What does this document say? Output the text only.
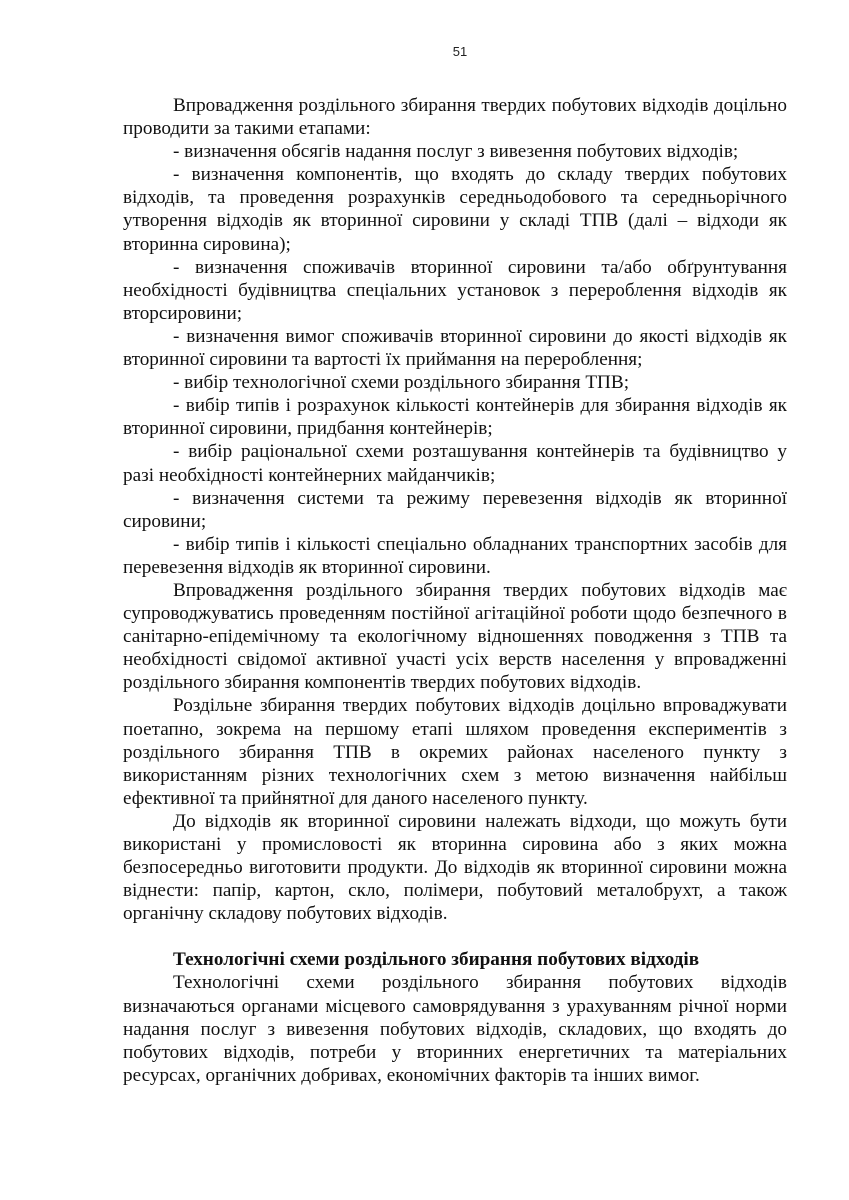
51

Впровадження роздільного збирання твердих побутових відходів доцільно проводити за такими етапами:

- визначення обсягів надання послуг з вивезення побутових відходів;

- визначення компонентів, що входять до складу твердих побутових відходів, та проведення розрахунків середньодобового та середньорічного утворення відходів як вторинної сировини у складі ТПВ (далі – відходи як вторинна сировина);

- визначення споживачів вторинної сировини та/або обґрунтування необхідності будівництва спеціальних установок з перероблення відходів як вторсировини;

- визначення вимог споживачів вторинної сировини до якості відходів як вторинної сировини та вартості їх приймання на перероблення;

- вибір технологічної схеми роздільного збирання ТПВ;

- вибір типів і розрахунок кількості контейнерів для збирання відходів як вторинної сировини, придбання контейнерів;

- вибір раціональної схеми розташування контейнерів та будівництво у разі необхідності контейнерних майданчиків;

- визначення системи та режиму перевезення відходів як вторинної сировини;

- вибір типів і кількості спеціально обладнаних транспортних засобів для перевезення відходів як вторинної сировини.

Впровадження роздільного збирання твердих побутових відходів має супроводжуватись проведенням постійної агітаційної роботи щодо безпечного в санітарно-епідемічному та екологічному відношеннях поводження з ТПВ та необхідності свідомої активної участі усіх верств населення у впровадженні роздільного збирання компонентів твердих побутових відходів.

Роздільне збирання твердих побутових відходів доцільно впроваджувати поетапно, зокрема на першому етапі шляхом проведення експериментів з роздільного збирання ТПВ в окремих районах населеного пункту з використанням різних технологічних схем з метою визначення найбільш ефективної та прийнятної для даного населеного пункту.

До відходів як вторинної сировини належать відходи, що можуть бути використані у промисловості як вторинна сировина або з яких можна безпосередньо виготовити продукти. До відходів як вторинної сировини можна віднести: папір, картон, скло, полімери, побутовий металобрухт, а також органічну складову побутових відходів.

Технологічні схеми роздільного збирання побутових відходів

Технологічні схеми роздільного збирання побутових відходів визначаються органами місцевого самоврядування з урахуванням річної норми надання послуг з вивезення побутових відходів, складових, що входять до побутових відходів, потреби у вторинних енергетичних та матеріальних ресурсах, органічних добривах, економічних факторів та інших вимог.
